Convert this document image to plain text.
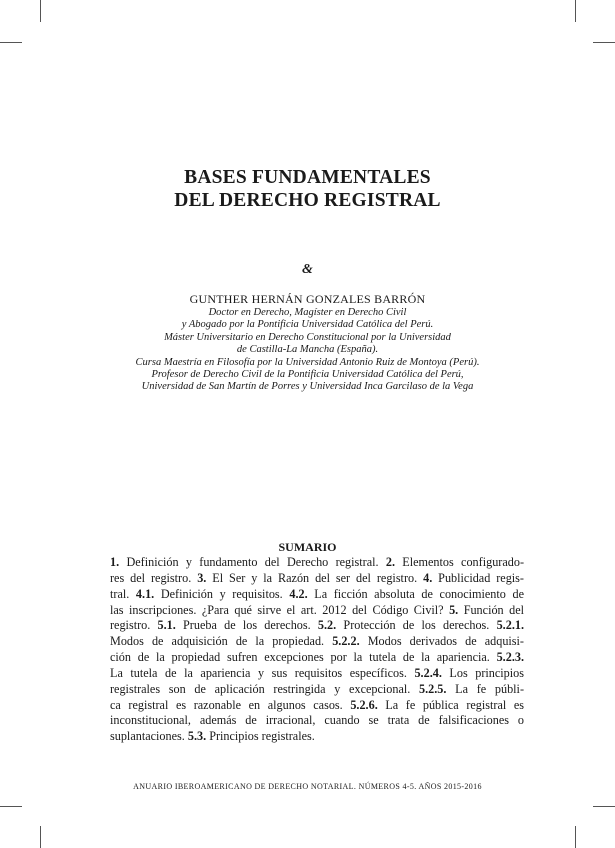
BASES FUNDAMENTALES
DEL DERECHO REGISTRAL
&
GUNTHER HERNÁN GONZALES BARRÓN
Doctor en Derecho, Magíster en Derecho Civil
y Abogado por la Pontificia Universidad Católica del Perú.
Máster Universitario en Derecho Constitucional por la Universidad
de Castilla-La Mancha (España).
Cursa Maestría en Filosofía por la Universidad Antonio Ruiz de Montoya (Perú).
Profesor de Derecho Civil de la Pontificia Universidad Católica del Perú,
Universidad de San Martín de Porres y Universidad Inca Garcilaso de la Vega
SUMARIO
1. Definición y fundamento del Derecho registral. 2. Elementos configurado-
res del registro. 3. El Ser y la Razón del ser del registro. 4. Publicidad regis-
tral. 4.1. Definición y requisitos. 4.2. La ficción absoluta de conocimiento de
las inscripciones. ¿Para qué sirve el art. 2012 del Código Civil? 5. Función del
registro. 5.1. Prueba de los derechos. 5.2. Protección de los derechos. 5.2.1.
Modos de adquisición de la propiedad. 5.2.2. Modos derivados de adquisi-
ción de la propiedad sufren excepciones por la tutela de la apariencia. 5.2.3.
La tutela de la apariencia y sus requisitos específicos. 5.2.4. Los principios
registrales son de aplicación restringida y excepcional. 5.2.5. La fe públi-
ca registral es razonable en algunos casos. 5.2.6. La fe pública registral es
inconstitucional, además de irracional, cuando se trata de falsificaciones o
suplantaciones. 5.3. Principios registrales.
ANUARIO IBEROAMERICANO DE DERECHO NOTARIAL. NÚMEROS 4-5. AÑOS 2015-2016
